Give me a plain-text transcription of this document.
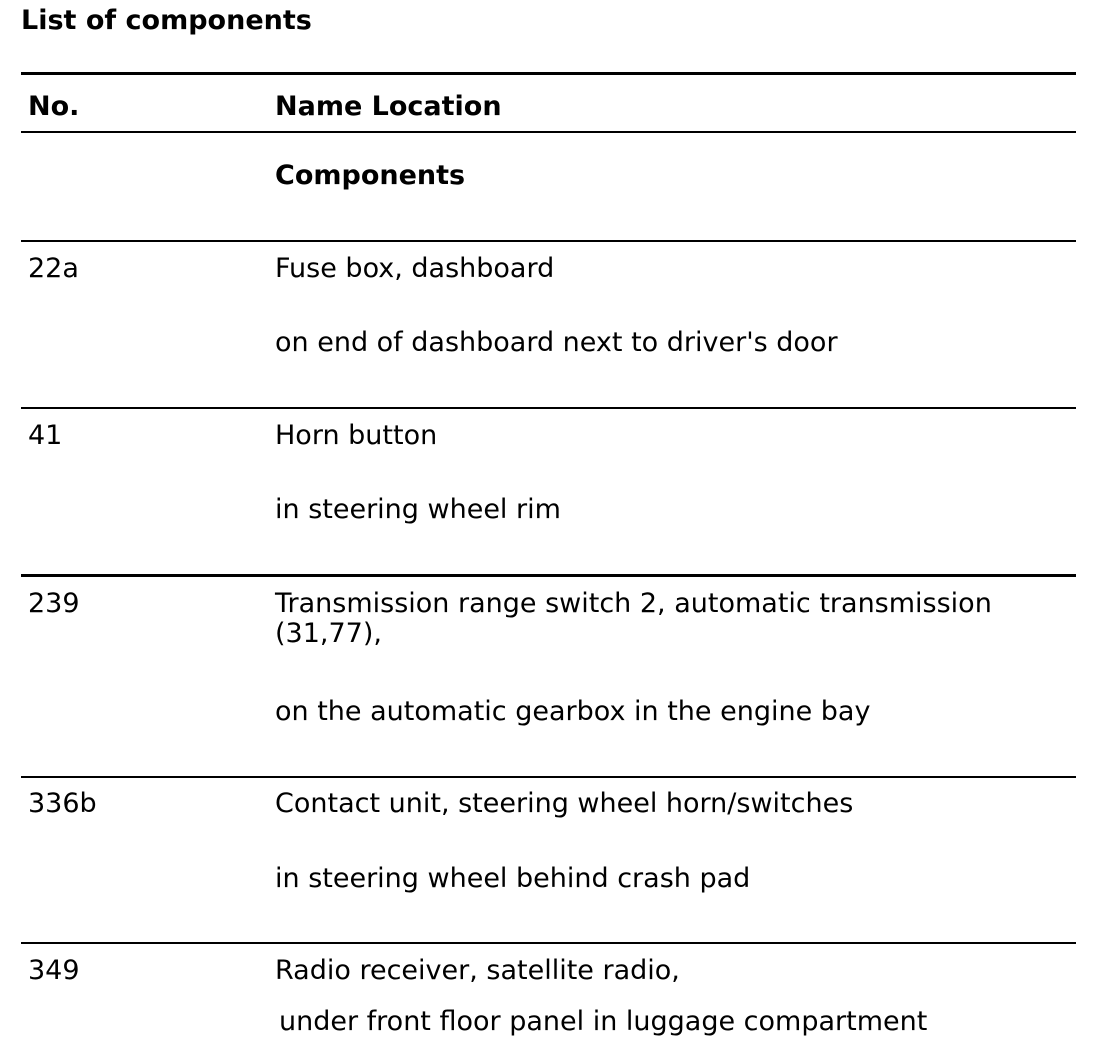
List of components
No.	Name Location
Components
22a	Fuse box, dashboard
on end of dashboard next to driver's door
41	Horn button
in steering wheel rim
239	Transmission range switch 2, automatic transmission (31,77),
on the automatic gearbox in the engine bay
336b	Contact unit, steering wheel horn/switches
in steering wheel behind crash pad
349	Radio receiver, satellite radio,
under front floor panel in luggage compartment
